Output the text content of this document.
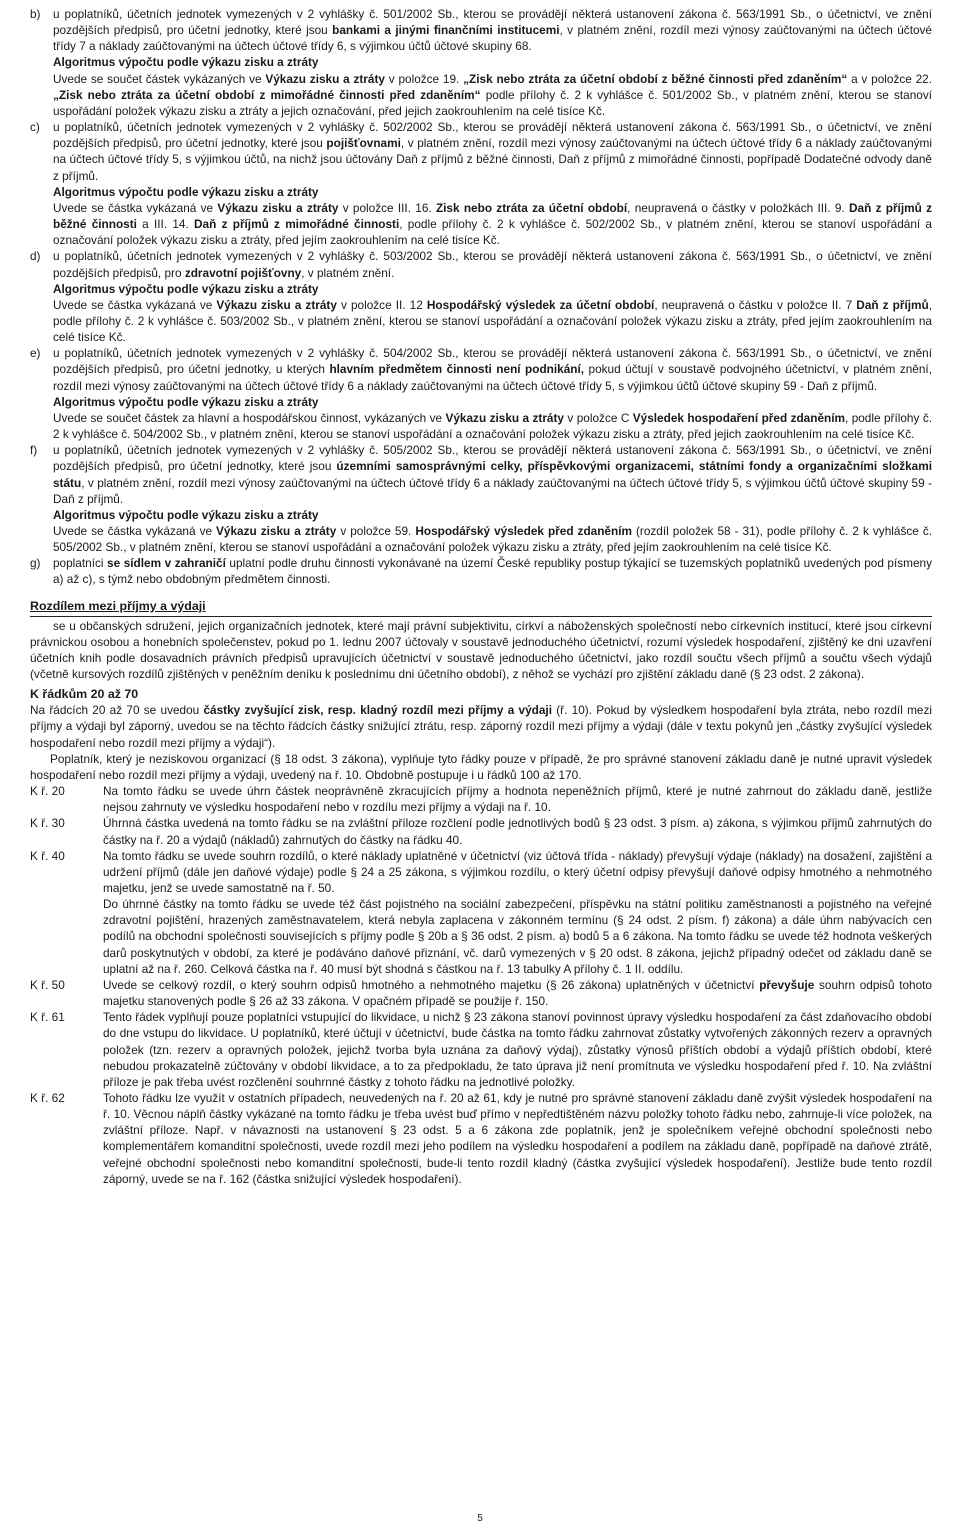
b) u poplatníků, účetních jednotek vymezených v 2 vyhlášky č. 501/2002 Sb., kterou se provádějí některá ustanovení zákona č. 563/1991 Sb., o účetnictví, ve znění pozdějších předpisů, pro účetní jednotky, které jsou bankami a jinými finančními institucemi, v platném znění, rozdíl mezi výnosy zaúčtovanými na účtech účtové třídy 7 a náklady zaúčtovanými na účtech účtové třídy 6, s výjimkou účtů účtové skupiny 68.

Algoritmus výpočtu podle výkazu zisku a ztráty

Uvede se součet částek vykázaných ve Výkazu zisku a ztráty v položce 19. „Zisk nebo ztráta za účetní období z běžné činnosti před zdaněním“ a v položce 22. „Zisk nebo ztráta za účetní období z mimořádné činnosti před zdaněním“ podle přílohy č. 2 k vyhlášce č. 501/2002 Sb., v platném znění, kterou se stanoví uspořádání položek výkazu zisku a ztráty a jejich označování, před jejich zaokrouhlením na celé tisíce Kč.

c) u poplatníků, účetních jednotek vymezených v 2 vyhlášky č. 502/2002 Sb., kterou se provádějí některá ustanovení zákona č. 563/1991 Sb., o účetnictví, ve znění pozdějších předpisů, pro účetní jednotky, které jsou pojišťovnami, v platném znění, rozdíl mezi výnosy zaúčtovanými na účtech účtové třídy 6 a náklady zaúčtovanými na účtech účtové třídy 5, s výjimkou účtů, na nichž jsou účtovány Daň z příjmů z běžné činnosti, Daň z příjmů z mimořádné činnosti, popřípadě Dodatečné odvody daně z příjmů.

Algoritmus výpočtu podle výkazu zisku a ztráty

Uvede se částka vykázaná ve Výkazu zisku a ztráty v položce III. 16. Zisk nebo ztráta za účetní období, neupravená o částky v položkách III. 9. Daň z příjmů z běžné činnosti a III. 14. Daň z příjmů z mimořádné činnosti, podle přílohy č. 2 k vyhlášce č. 502/2002 Sb., v platném znění, kterou se stanoví uspořádání a označování položek výkazu zisku a ztráty, před jejím zaokrouhlením na celé tisíce Kč.

d) u poplatníků, účetních jednotek vymezených v 2 vyhlášky č. 503/2002 Sb., kterou se provádějí některá ustanovení zákona č. 563/1991 Sb., o účetnictví, ve znění pozdějších předpisů, pro zdravotní pojišťovny, v platném znění.

Algoritmus výpočtu podle výkazu zisku a ztráty

Uvede se částka vykázaná ve Výkazu zisku a ztráty v položce II. 12 Hospodářský výsledek za účetní období, neupravená o částku v položce II. 7 Daň z příjmů, podle přílohy č. 2 k vyhlášce č. 503/2002 Sb., v platném znění, kterou se stanoví uspořádání a označování položek výkazu zisku a ztráty, před jejím zaokrouhlením na celé tisíce Kč.

e) u poplatníků, účetních jednotek vymezených v 2 vyhlášky č. 504/2002 Sb., kterou se provádějí některá ustanovení zákona č. 563/1991 Sb., o účetnictví, ve znění pozdějších předpisů, pro účetní jednotky, u kterých hlavním předmětem činnosti není podnikání, pokud účtují v soustavě podvojného účetnictví, v platném znění, rozdíl mezi výnosy zaúčtovanými na účtech účtové třídy 6 a náklady zaúčtovanými na účtech účtové třídy 5, s výjimkou účtů účtové skupiny 59 - Daň z příjmů.

Algoritmus výpočtu podle výkazu zisku a ztráty

Uvede se součet částek za hlavní a hospodářskou činnost, vykázaných ve Výkazu zisku a ztráty v položce C Výsledek hospodaření před zdaněním, podle přílohy č. 2 k vyhlášce č. 504/2002 Sb., v platném znění, kterou se stanoví uspořádání a označování položek výkazu zisku a ztráty, před jejich zaokrouhlením na celé tisíce Kč.

f) u poplatníků, účetních jednotek vymezených v 2 vyhlášky č. 505/2002 Sb., kterou se provádějí některá ustanovení zákona č. 563/1991 Sb., o účetnictví, ve znění pozdějších předpisů, pro účetní jednotky, které jsou územními samosprávnými celky, příspěvkovými organizacemi, státními fondy a organizačními složkami státu, v platném znění, rozdíl mezi výnosy zaúčtovanými na účtech účtové třídy 6 a náklady zaúčtovanými na účtech účtové třídy 5, s výjimkou účtů účtové skupiny 59 - Daň z příjmů.

Algoritmus výpočtu podle výkazu zisku a ztráty

Uvede se částka vykázaná ve Výkazu zisku a ztráty v položce 59. Hospodářský výsledek před zdaněním (rozdíl položek 58 - 31), podle přílohy č. 2 k vyhlášce č. 505/2002 Sb., v platném znění, kterou se stanoví uspořádání a označování položek výkazu zisku a ztráty, před jejím zaokrouhlením na celé tisíce Kč.

g) poplatníci se sídlem v zahraničí uplatní podle druhu činnosti vykonávané na území České republiky postup týkající se tuzemských poplatníků uvedených pod písmeny a) až c), s týmž nebo obdobným předmětem činnosti.

Rozdílem mezi příjmy a výdaji

se u občanských sdružení, jejich organizačních jednotek, které mají právní subjektivitu, církví a náboženských společností nebo církevních institucí, které jsou církevní právnickou osobou a honebních společenstev, pokud po 1. lednu 2007 účtovaly v soustavě jednoduchého účetnictví, rozumí výsledek hospodaření, zjištěný ke dni uzavření účetních knih podle dosavadních právních předpisů upravujících účetnictví v soustavě jednoduchého účetnictví, jako rozdíl součtu všech příjmů a součtu všech výdajů (včetně kursových rozdílů zjištěných v peněžním deníku k poslednímu dni účetního období), z něhož se vychází pro zjištění základu daně (§ 23 odst. 2 zákona).

K řádkům 20 až 70

Na řádcích 20 až 70 se uvedou částky zvyšující zisk, resp. kladný rozdíl mezi příjmy a výdaji (ř. 10). Pokud by výsledkem hospodaření byla ztráta, nebo rozdíl mezi příjmy a výdaji byl záporný, uvedou se na těchto řádcích částky snižující ztrátu, resp. záporný rozdíl mezi příjmy a výdaji (dále v textu pokynů jen „částky zvyšující výsledek hospodaření nebo rozdíl mezi příjmy a výdaji“).

Poplatník, který je neziskovou organizací (§ 18 odst. 3 zákona), vyplňuje tyto řádky pouze v případě, že pro správné stanovení základu daně je nutné upravit výsledek hospodaření nebo rozdíl mezi příjmy a výdaji, uvedený na ř. 10. Obdobně postupuje i u řádků 100 až 170.

K ř. 20	Na tomto řádku se uvede úhrn částek neoprávněně zkracujících příjmy a hodnota nepeněžních příjmů, které je nutné zahrnout do základu daně, jestliže nejsou zahrnuty ve výsledku hospodaření nebo v rozdílu mezi příjmy a výdaji na ř. 10.

K ř. 30	Úhrnná částka uvedená na tomto řádku se na zvláštní příloze rozčlení podle jednotlivých bodů § 23 odst. 3 písm. a) zákona, s výjimkou příjmů zahrnutých do částky na ř. 20 a výdajů (nákladů) zahrnutých do částky na řádku 40.

K ř. 40	Na tomto řádku se uvede souhrn rozdílů, o které náklady uplatněné v účetnictví (viz účtová třída - náklady) převyšují výdaje (náklady) na dosažení, zajištění a udržení příjmů (dále jen daňové výdaje) podle § 24 a 25 zákona, s výjimkou rozdílu, o který účetní odpisy převyšují daňové odpisy hmotného a nehmotného majetku, jenž se uvede samostatně na ř. 50.

Do úhrnné částky na tomto řádku se uvede též část pojistného na sociální zabezpečení, příspěvku na státní politiku zaměstnanosti a pojistného na veřejné zdravotní pojištění, hrazených zaměstnavatelem, která nebyla zaplacena v zákonném termínu (§ 24 odst. 2 písm. f) zákona) a dále úhrn nabývacích cen podílů na obchodní společnosti souvisejících s příjmy podle § 20b a § 36 odst. 2 písm. a) bodů 5 a 6 zákona. Na tomto řádku se uvede též hodnota veškerých darů poskytnutých v období, za které je podáváno daňové přiznání, vč. darů vymezených v § 20 odst. 8 zákona, jejichž případný odečet od základu daně se uplatní až na ř. 260. Celková částka na ř. 40 musí být shodná s částkou na ř. 13 tabulky A přílohy č. 1 II. oddílu.

K ř. 50	Uvede se celkový rozdíl, o který souhrn odpisů hmotného a nehmotného majetku (§ 26 zákona) uplatněných v účetnictví převyšuje souhrn odpisů tohoto majetku stanovených podle § 26 až 33 zákona. V opačném případě se použije ř. 150.

K ř. 61	Tento řádek vyplňují pouze poplatníci vstupující do likvidace, u nichž § 23 zákona stanoví povinnost úpravy výsledku hospodaření za část zdaňovacího období do dne vstupu do likvidace. U poplatníků, které účtují v účetnictví, bude částka na tomto řádku zahrnovat zůstatky vytvořených zákonných rezerv a opravných položek (tzn. rezerv a opravných položek, jejichž tvorba byla uznána za daňový výdaj), zůstatky výnosů příštích období a výdajů příštích období, které nebudou prokazatelně zúčtovány v období likvidace, a to za předpokladu, že tato úprava již není promítnuta ve výsledku hospodaření před ř. 10. Na zvláštní příloze je pak třeba uvést rozčlenění souhrnné částky z tohoto řádku na jednotlivé položky.

K ř. 62	Tohoto řádku lze využít v ostatních případech, neuvedených na ř. 20 až 61, kdy je nutné pro správné stanovení základu daně zvýšit výsledek hospodaření na ř. 10. Věcnou náplň částky vykázané na tomto řádku je třeba uvést buď přímo v nepředtištěném názvu položky tohoto řádku nebo, zahrnuje-li více položek, na zvláštní příloze. Např. v návaznosti na ustanovení § 23 odst. 5 a 6 zákona zde poplatník, jenž je společníkem veřejné obchodní společnosti nebo komplementářem komanditní společnosti, uvede rozdíl mezi jeho podílem na výsledku hospodaření a podílem na základu daně, popřípadě na daňové ztrátě, veřejné obchodní společnosti nebo komanditní společnosti, bude-li tento rozdíl kladný (částka zvyšující výsledek hospodaření). Jestliže bude tento rozdíl záporný, uvede se na ř. 162 (částka snižující výsledek hospodaření).

5
